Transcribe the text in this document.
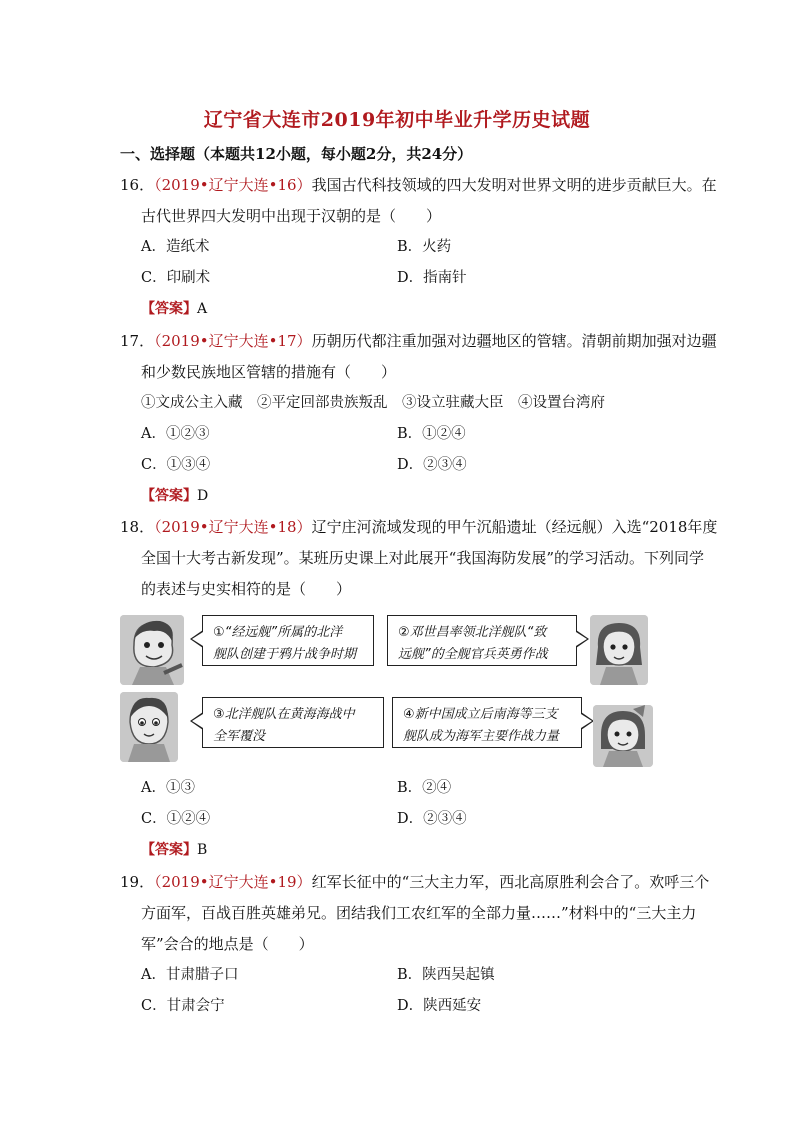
辽宁省大连市2019年初中毕业升学历史试题
一、选择题（本题共12小题，每小题2分，共24分）
16．（2019•辽宁大连•16）我国古代科技领域的四大发明对世界文明的进步贡献巨大。在
古代世界四大发明中出现于汉朝的是（　　）
A．造纸术	B．火药
C．印刷术	D．指南针
【答案】A
17．（2019•辽宁大连•17）历朝历代都注重加强对边疆地区的管辖。清朝前期加强对边疆
和少数民族地区管辖的措施有（　　）
①文成公主入藏　②平定回部贵族叛乱　③设立驻藏大臣　④设置台湾府
A．①②③	B．①②④
C．①③④	D．②③④
【答案】D
18．（2019•辽宁大连•18）辽宁庄河流域发现的甲午沉船遗址（经远舰）入选“2018年度
全国十大考古新发现”。某班历史课上对此展开“我国海防发展”的学习活动。下列同学
的表述与史实相符的是（　　）
①“经远舰”所属的北洋
舰队创建于鸦片战争时期
②邓世昌率领北洋舰队“致
远舰”的全舰官兵英勇作战
③北洋舰队在黄海海战中
全军覆没
④新中国成立后南海等三支
舰队成为海军主要作战力量
A．①③	B．②④
C．①②④	D．②③④
【答案】B
19．（2019•辽宁大连•19）红军长征中的“三大主力军，西北高原胜利会合了。欢呼三个
方面军，百战百胜英雄弟兄。团结我们工农红军的全部力量……”材料中的“三大主力
军”会合的地点是（　　）
A．甘肃腊子口	B．陕西吴起镇
C．甘肃会宁	D．陕西延安
